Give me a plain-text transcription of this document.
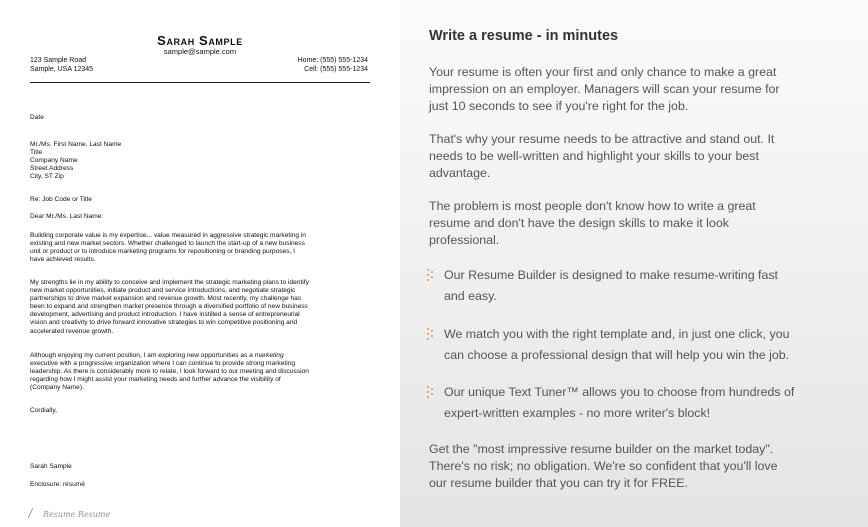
Sarah Sample
sample@sample.com
123 Sample Road
Sample, USA 12345
Home: (555) 555-1234
Cell: (555) 555-1234
Date
Mr./Ms. First Name, Last Name
Title
Company Name
Street Address
City, ST Zip
Re: Job Code or Title
Dear Mr./Ms. Last Name:
Building corporate value is my expertise... value measured in aggressive strategic marketing in
existing and new market sectors. Whether challenged to launch the start-up of a new business
unit or product or to introduce marketing programs for repositioning or branding purposes, I
have achieved results.
My strengths lie in my ability to conceive and implement the strategic marketing plans to identify
new market opportunities, initiate product and service introductions, and negotiate strategic
partnerships to drive market expansion and revenue growth. Most recently, my challenge has
been to expand and strengthen market presence through a diversified portfolio of new business
development, advertising and product introduction. I have instilled a sense of entrepreneurial
vision and creativity to drive forward innovative strategies to win competitive positioning and
accelerated revenue growth.
Although enjoying my current position, I am exploring new opportunities as a marketing
executive with a progressive organization where I can continue to provide strong marketing
leadership. As there is considerably more to relate, I look forward to our meeting and discussion
regarding how I might assist your marketing needs and further advance the visibility of
(Company Name).
Cordially,
Sarah Sample
Enclosure: résumé
Resume Resume
Write a resume - in minutes
Your resume is often your first and only chance to make a great
impression on an employer. Managers will scan your resume for
just 10 seconds to see if you're right for the job.
That's why your resume needs to be attractive and stand out. It
needs to be well-written and highlight your skills to your best
advantage.
The problem is most people don't know how to write a great
resume and don't have the design skills to make it look
professional.
Our Resume Builder is designed to make resume-writing fast
and easy.
We match you with the right template and, in just one click, you
can choose a professional design that will help you win the job.
Our unique Text Tuner™ allows you to choose from hundreds of
expert-written examples - no more writer's block!
Get the "most impressive resume builder on the market today".
There's no risk; no obligation. We're so confident that you'll love
our resume builder that you can try it for FREE.
